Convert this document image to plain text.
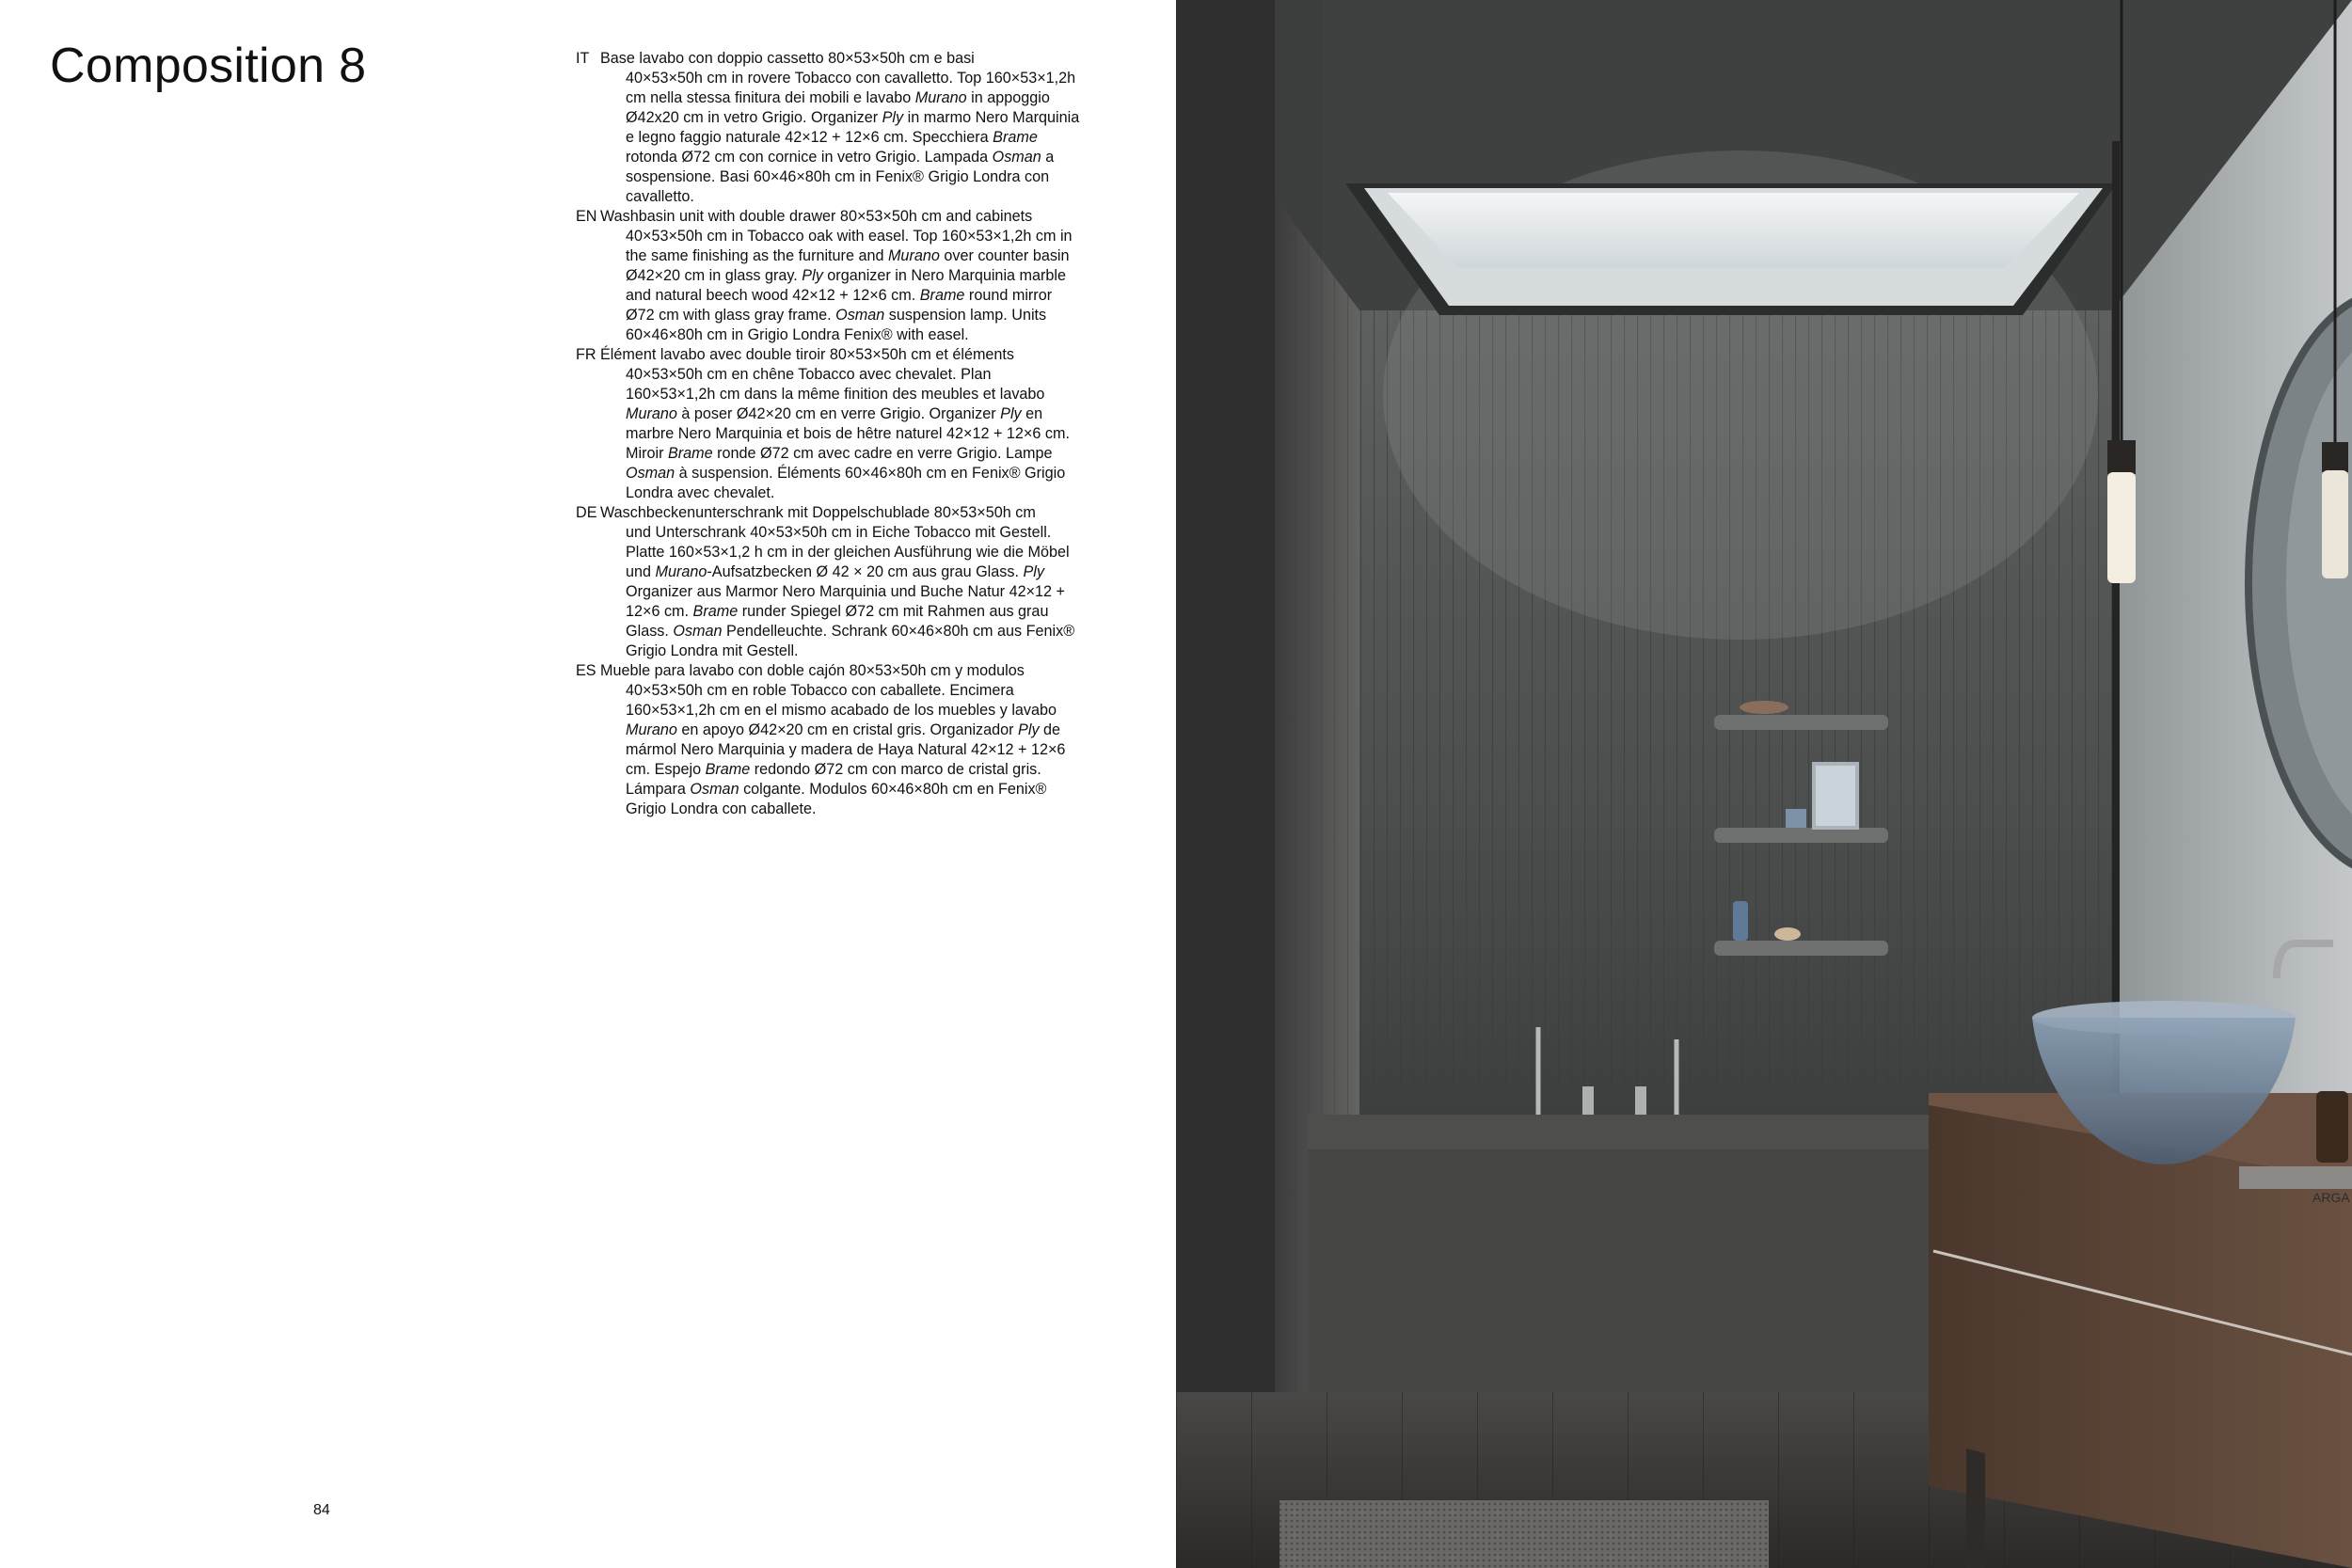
Composition 8	IT Base lavabo con doppio cassetto 80×53×50h cm e basi
40×53×50h cm in rovere Tobacco con cavalletto. Top 160×53×1,2h cm nella stessa finitura dei mobili e lavabo Murano in appoggio Ø42x20 cm in vetro Grigio. Organizer Ply in marmo Nero Marquinia e legno faggio naturale 42×12 + 12×6 cm. Specchiera Brame rotonda Ø72 cm con cornice in vetro Grigio. Lampada Osman a sospensione. Basi 60×46×80h cm in Fenix® Grigio Londra con cavalletto.
EN Washbasin unit with double drawer 80×53×50h cm and cabinets
40×53×50h cm in Tobacco oak with easel. Top 160×53×1,2h cm in the same finishing as the furniture and Murano over counter basin Ø42×20 cm in glass gray. Ply organizer in Nero Marquinia marble and natural beech wood 42×12 + 12×6 cm. Brame round mirror Ø72 cm with glass gray frame. Osman suspension lamp. Units 60×46×80h cm in Grigio Londra Fenix® with easel.
FR Élément lavabo avec double tiroir 80×53×50h cm et éléments
40×53×50h cm en chêne Tobacco avec chevalet. Plan 160×53×1,2h cm dans la même finition des meubles et lavabo Murano à poser Ø42×20 cm en verre Grigio. Organizer Ply en marbre Nero Marquinia et bois de hêtre naturel 42×12 + 12×6 cm. Miroir Brame ronde Ø72 cm avec cadre en verre Grigio. Lampe Osman à suspension. Éléments 60×46×80h cm en Fenix® Grigio Londra avec chevalet.
DE Waschbeckenunterschrank mit Doppelschublade 80×53×50h cm
und Unterschrank 40×53×50h cm in Eiche Tobacco mit Gestell. Platte 160×53×1,2 h cm in der gleichen Ausführung wie die Möbel und Murano-Aufsatzbecken Ø 42 × 20 cm aus grau Glass. Ply Organizer aus Marmor Nero Marquinia und Buche Natur 42×12 + 12×6 cm. Brame runder Spiegel Ø72 cm mit Rahmen aus grau Glass. Osman Pendelleuchte. Schrank 60×46×80h cm aus Fenix® Grigio Londra mit Gestell.
ES Mueble para lavabo con doble cajón 80×53×50h cm y modulos
40×53×50h cm en roble Tobacco con caballete. Encimera 160×53×1,2h cm en el mismo acabado de los muebles y lavabo Murano en apoyo Ø42×20 cm en cristal gris. Organizador Ply de mármol Nero Marquinia y madera de Haya Natural 42×12 + 12×6 cm. Espejo Brame redondo Ø72 cm con marco de cristal gris. Lámpara Osman colgante. Modulos 60×46×80h cm en Fenix® Grigio Londra con caballete.
84
ARGA
